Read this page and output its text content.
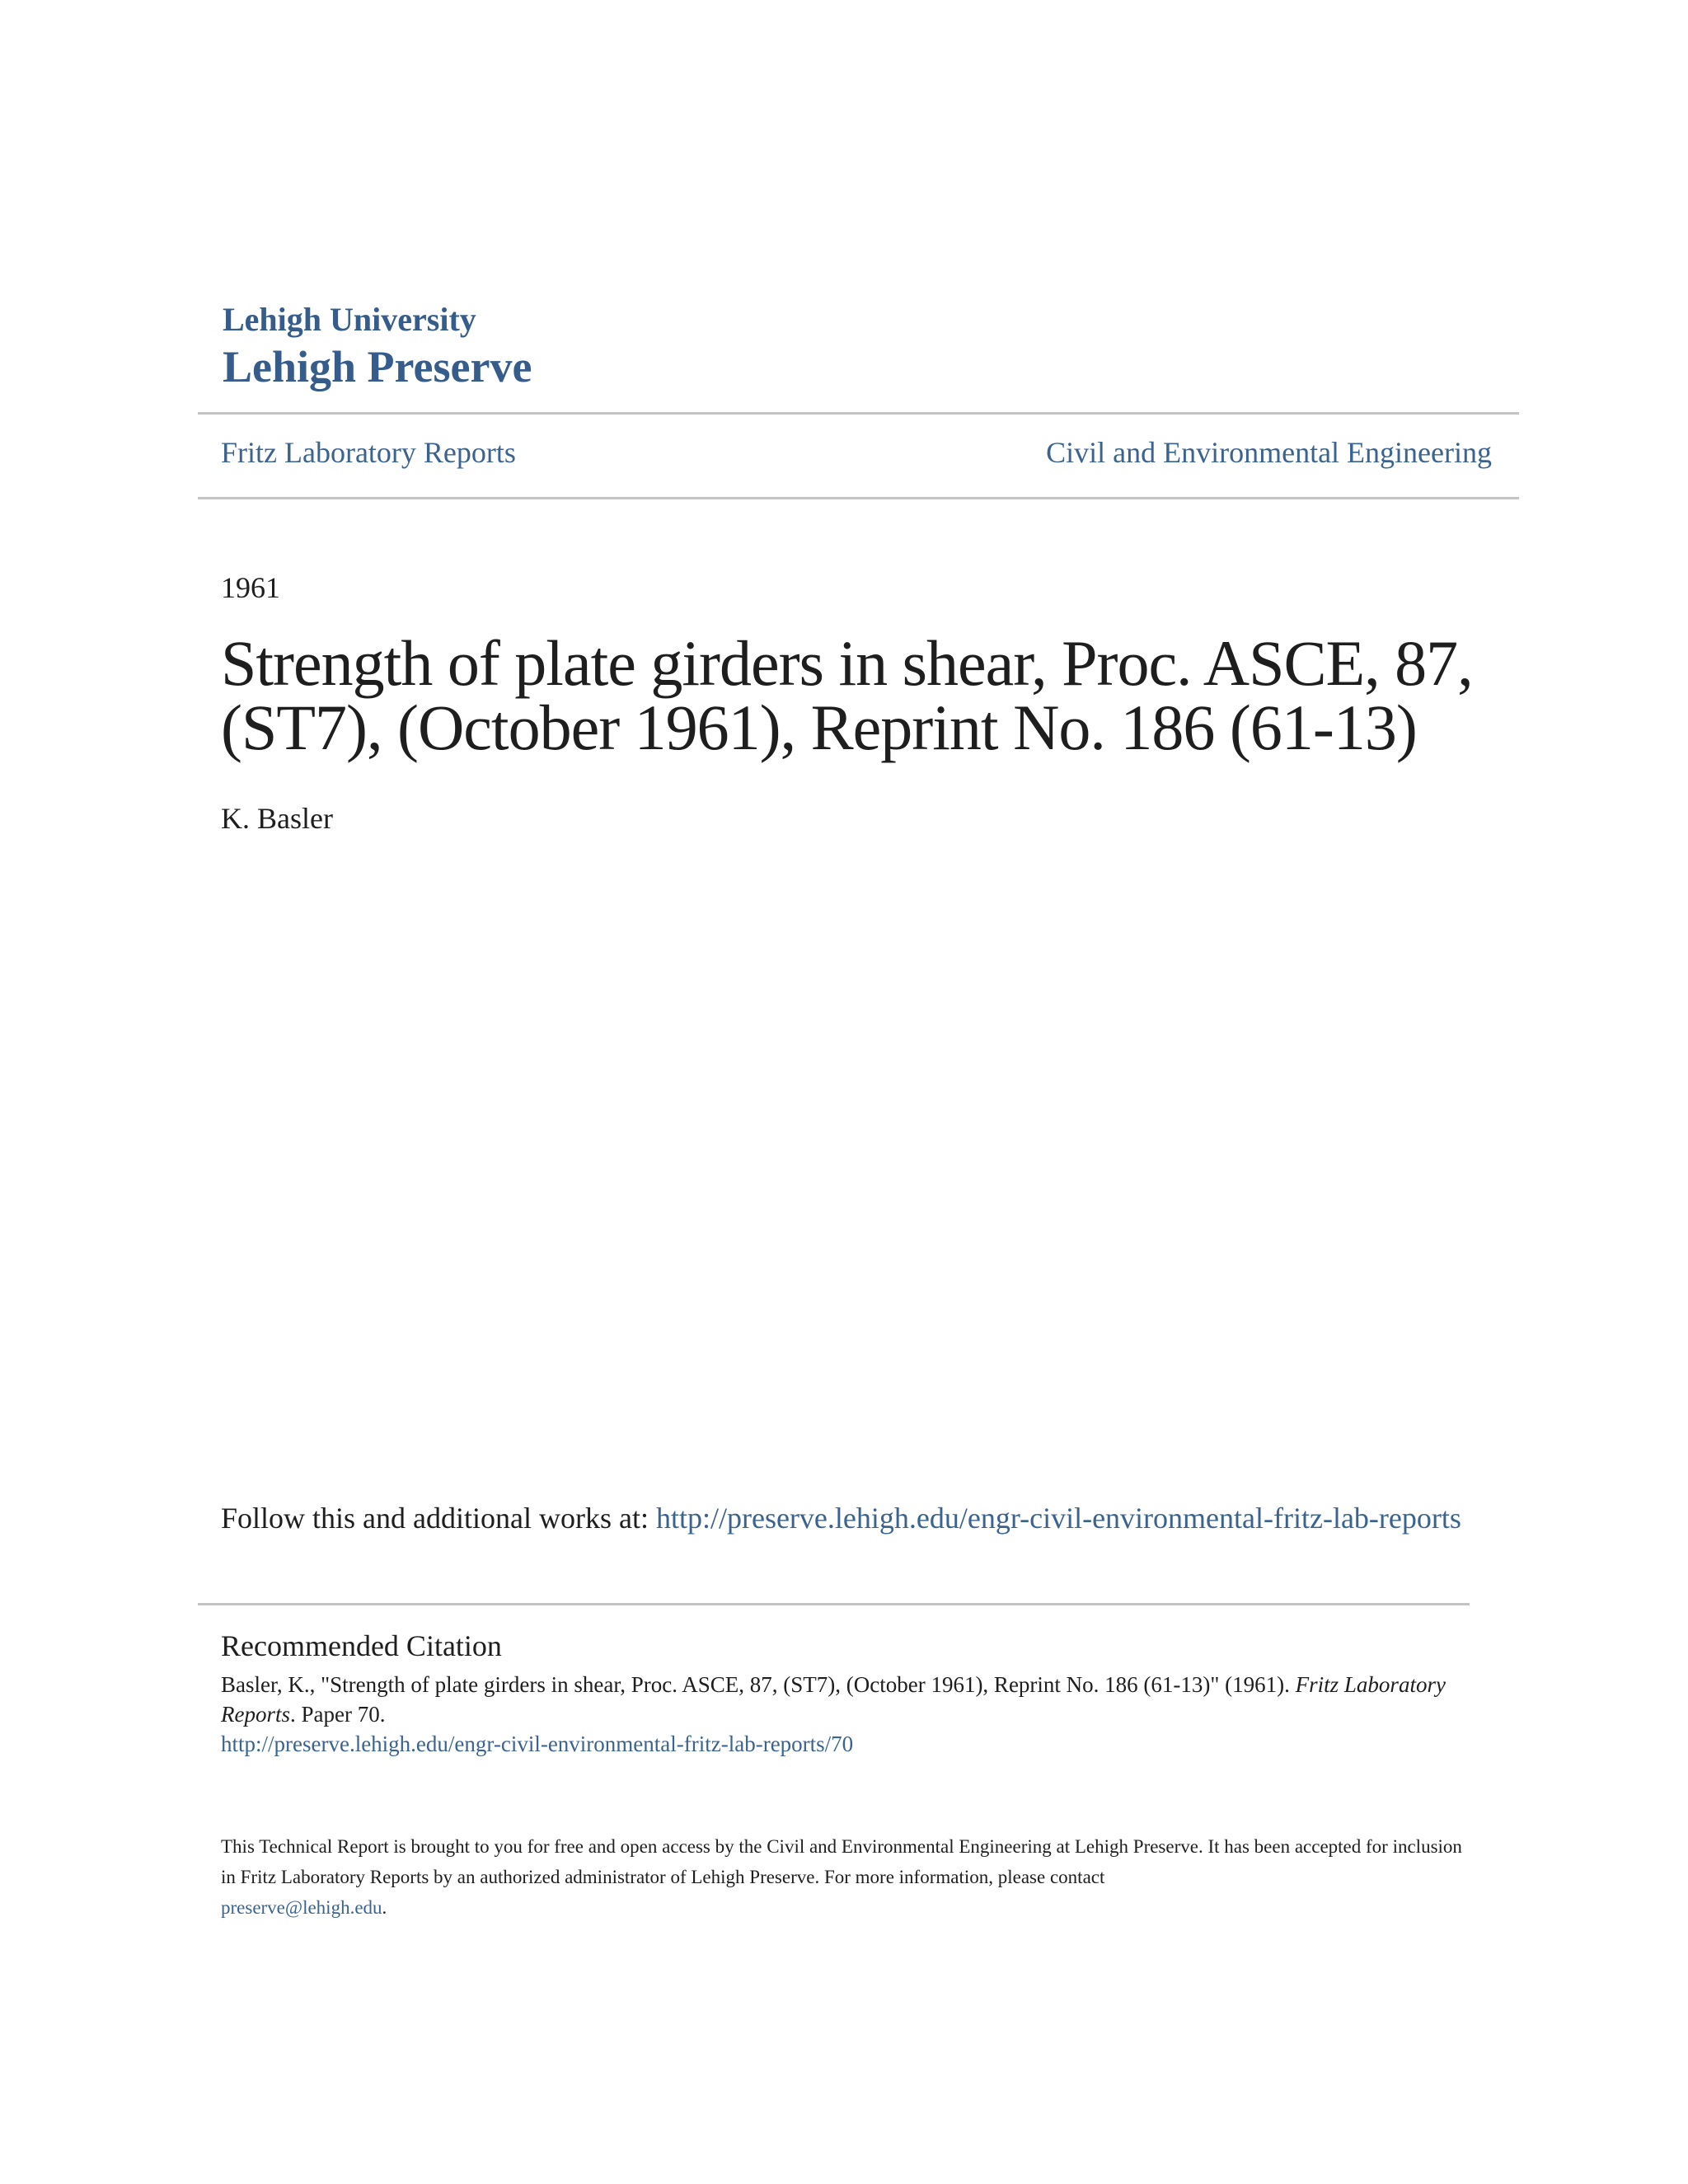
Lehigh University
Lehigh Preserve
Fritz Laboratory Reports	Civil and Environmental Engineering
1961
Strength of plate girders in shear, Proc. ASCE, 87, (ST7), (October 1961), Reprint No. 186 (61-13)
K. Basler
Follow this and additional works at: http://preserve.lehigh.edu/engr-civil-environmental-fritz-lab-reports
Recommended Citation
Basler, K., "Strength of plate girders in shear, Proc. ASCE, 87, (ST7), (October 1961), Reprint No. 186 (61-13)" (1961). Fritz Laboratory Reports. Paper 70.
http://preserve.lehigh.edu/engr-civil-environmental-fritz-lab-reports/70
This Technical Report is brought to you for free and open access by the Civil and Environmental Engineering at Lehigh Preserve. It has been accepted for inclusion in Fritz Laboratory Reports by an authorized administrator of Lehigh Preserve. For more information, please contact
preserve@lehigh.edu.
